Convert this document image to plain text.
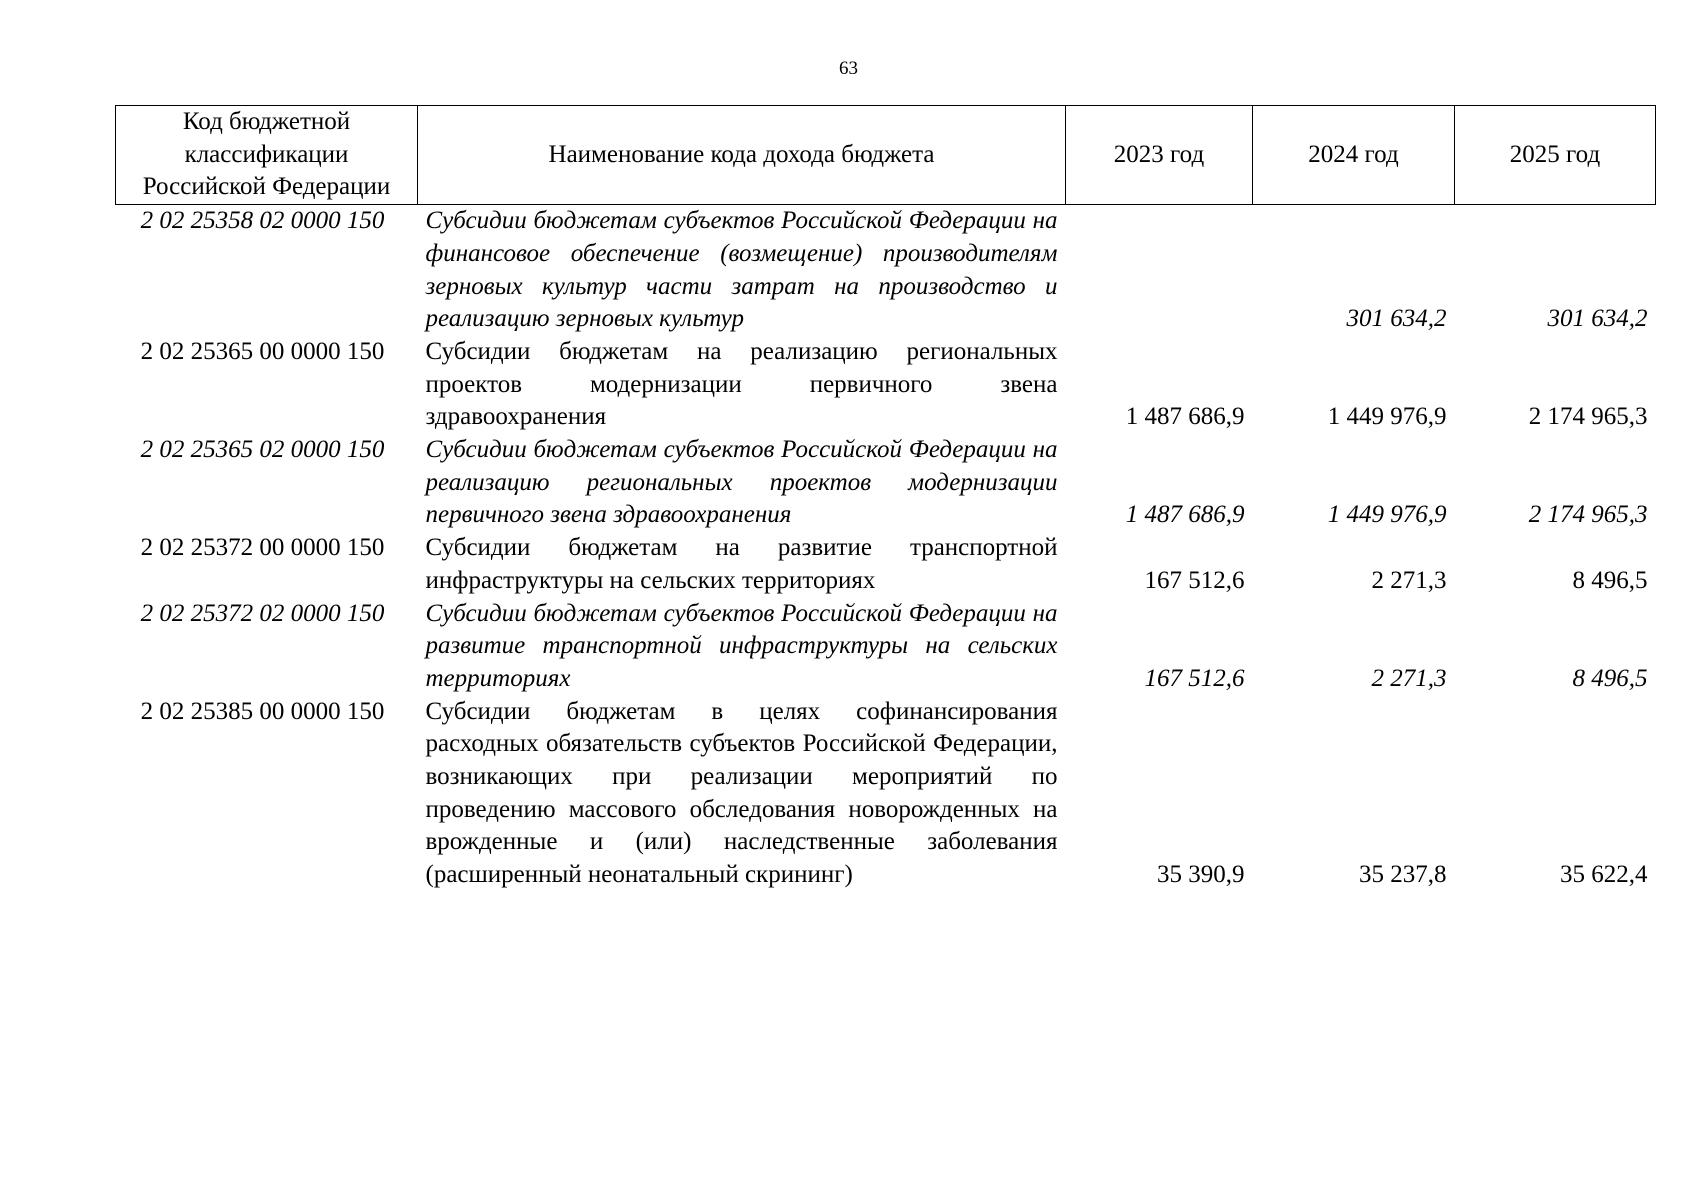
63
Код бюджетной классификации Российской Федерации	Наименование кода дохода бюджета	2023 год	2024 год	2025 год
2 02 25358 02 0000 150	Субсидии бюджетам субъектов Российской Федерации на финансовое обеспечение (возмещение) производителям зерновых культур части затрат на производство и реализацию зерновых культур		301 634,2	301 634,2
2 02 25365 00 0000 150	Субсидии бюджетам на реализацию региональных проектов модернизации первичного звена здравоохранения	1 487 686,9	1 449 976,9	2 174 965,3
2 02 25365 02 0000 150	Субсидии бюджетам субъектов Российской Федерации на реализацию региональных проектов модернизации первичного звена здравоохранения	1 487 686,9	1 449 976,9	2 174 965,3
2 02 25372 00 0000 150	Субсидии бюджетам на развитие транспортной инфраструктуры на сельских территориях	167 512,6	2 271,3	8 496,5
2 02 25372 02 0000 150	Субсидии бюджетам субъектов Российской Федерации на развитие транспортной инфраструктуры на сельских территориях	167 512,6	2 271,3	8 496,5
2 02 25385 00 0000 150	Субсидии бюджетам в целях софинансирования расходных обязательств субъектов Российской Федерации, возникающих при реализации мероприятий по проведению массового обследования новорожденных на врожденные и (или) наследственные заболевания (расширенный неонатальный скрининг)	35 390,9	35 237,8	35 622,4
